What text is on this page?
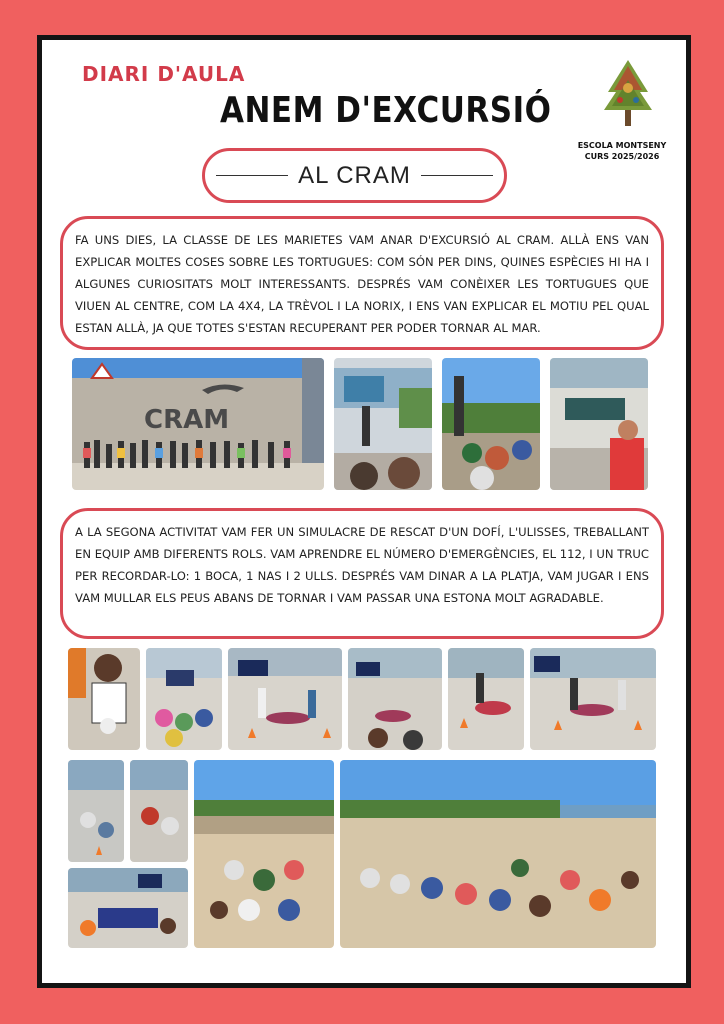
DIARI D'AULA
ANEM D'EXCURSIÓ
ESCOLA MONTSENY
CURS 2025/2026
AL CRAM
FA UNS DIES, LA CLASSE DE LES MARIETES VAM ANAR D'EXCURSIÓ AL CRAM. ALLÀ ENS VAN EXPLICAR MOLTES COSES SOBRE LES TORTUGUES: COM SÓN PER DINS, QUINES ESPÈCIES HI HA I ALGUNES CURIOSITATS MOLT INTERESSANTS. DESPRÉS VAM CONÈIXER LES TORTUGUES QUE VIUEN AL CENTRE, COM LA 4X4, LA TRÈVOL I LA NORIX, I ENS VAN EXPLICAR EL MOTIU PEL QUAL ESTAN ALLÀ, JA QUE TOTES S'ESTAN RECUPERANT PER PODER TORNAR AL MAR.
CRAM
A LA SEGONA ACTIVITAT VAM FER UN SIMULACRE DE RESCAT D'UN DOFÍ, L'ULISSES, TREBALLANT EN EQUIP AMB DIFERENTS ROLS. VAM APRENDRE EL NÚMERO D'EMERGÈNCIES, EL 112, I UN TRUC PER RECORDAR-LO: 1 BOCA, 1 NAS I 2 ULLS. DESPRÉS VAM DINAR A LA PLATJA, VAM JUGAR I ENS VAM MULLAR ELS PEUS ABANS DE TORNAR I VAM PASSAR UNA ESTONA MOLT AGRADABLE.
